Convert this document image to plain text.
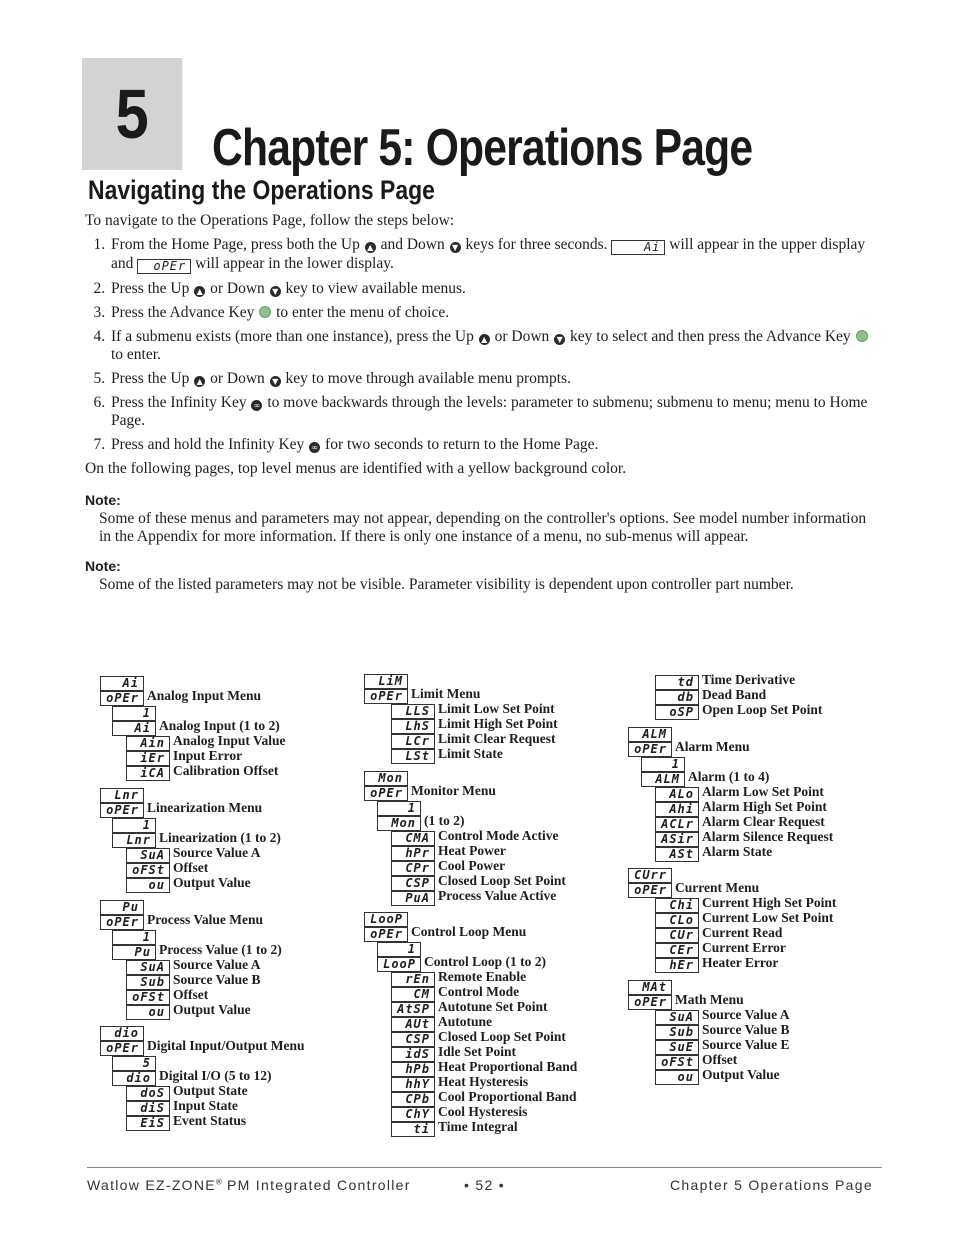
5	Chapter 5: Operations Page
Navigating the Operations Page

To navigate to the Operations Page, follow the steps below:

1. From the Home Page, press both the Up ▲ and Down ▼ keys for three seconds.	Ai will appear in the upper display and oPEr will appear in the lower display.
2. Press the Up ▲ or Down ▼ key to view available menus.
3. Press the Advance Key  to enter the menu of choice.
4. If a submenu exists (more than one instance), press the Up ▲ or Down ▼ key to select and then press the Advance Key  to enter.
5. Press the Up ▲ or Down ▼ key to move through available menu prompts.
6. Press the Infinity Key ∞ to move backwards through the levels: parameter to submenu; submenu to menu; menu to Home Page.
7. Press and hold the Infinity Key ∞ for two seconds to return to the Home Page.

On the following pages, top level menus are identified with a yellow background color.

Note:
Some of these menus and parameters may not appear, depending on the controller's options. See model number information in the Appendix for more information. If there is only one instance of a menu, no sub-menus will appear.
Note:
Some of the listed parameters may not be visible. Parameter visibility is dependent upon controller part number.
Ai
oPEr Analog Input Menu
1
Ai Analog Input (1 to 2)
Ain Analog Input Value
iEr Input Error
iCA Calibration Offset
Lnr
oPEr Linearization Menu
1
Lnr Linearization (1 to 2)
SuA Source Value A
oFSt Offset
ou Output Value
Pu
oPEr Process Value Menu
1
Pu Process Value (1 to 2)
SuA Source Value A
Sub Source Value B
oFSt Offset
ou Output Value
dio
oPEr Digital Input/Output Menu
5
dio Digital I/O (5 to 12)
doS Output State
diS Input State
EiS Event Status
LiM
oPEr Limit Menu
LLS Limit Low Set Point
LhS Limit High Set Point
LCr Limit Clear Request
LSt Limit State
Mon
oPEr Monitor Menu
1
Mon (1 to 2)
CMA Control Mode Active
hPr Heat Power
CPr Cool Power
CSP Closed Loop Set Point
PuA Process Value Active
LooP
oPEr Control Loop Menu
1
LooP Control Loop (1 to 2)
rEn Remote Enable
CM Control Mode
AtSP Autotune Set Point
AUt Autotune
CSP Closed Loop Set Point
idS Idle Set Point
hPb Heat Proportional Band
hhY Heat Hysteresis
CPb Cool Proportional Band
ChY Cool Hysteresis
ti Time Integral
td Time Derivative
db Dead Band
oSP Open Loop Set Point
ALM
oPEr Alarm Menu
1
ALM Alarm (1 to 4)
ALo Alarm Low Set Point
Ahi Alarm High Set Point
ACLr Alarm Clear Request
ASir Alarm Silence Request
ASt Alarm State
CUrr
oPEr Current Menu
Chi Current High Set Point
CLo Current Low Set Point
CUr Current Read
CEr Current Error
hEr Heater Error
MAt
oPEr Math Menu
SuA Source Value A
Sub Source Value B
SuE Source Value E
oFSt Offset
ou Output Value
Watlow EZ-ZONE® PM Integrated Controller	• 52 •	Chapter 5 Operations Page
